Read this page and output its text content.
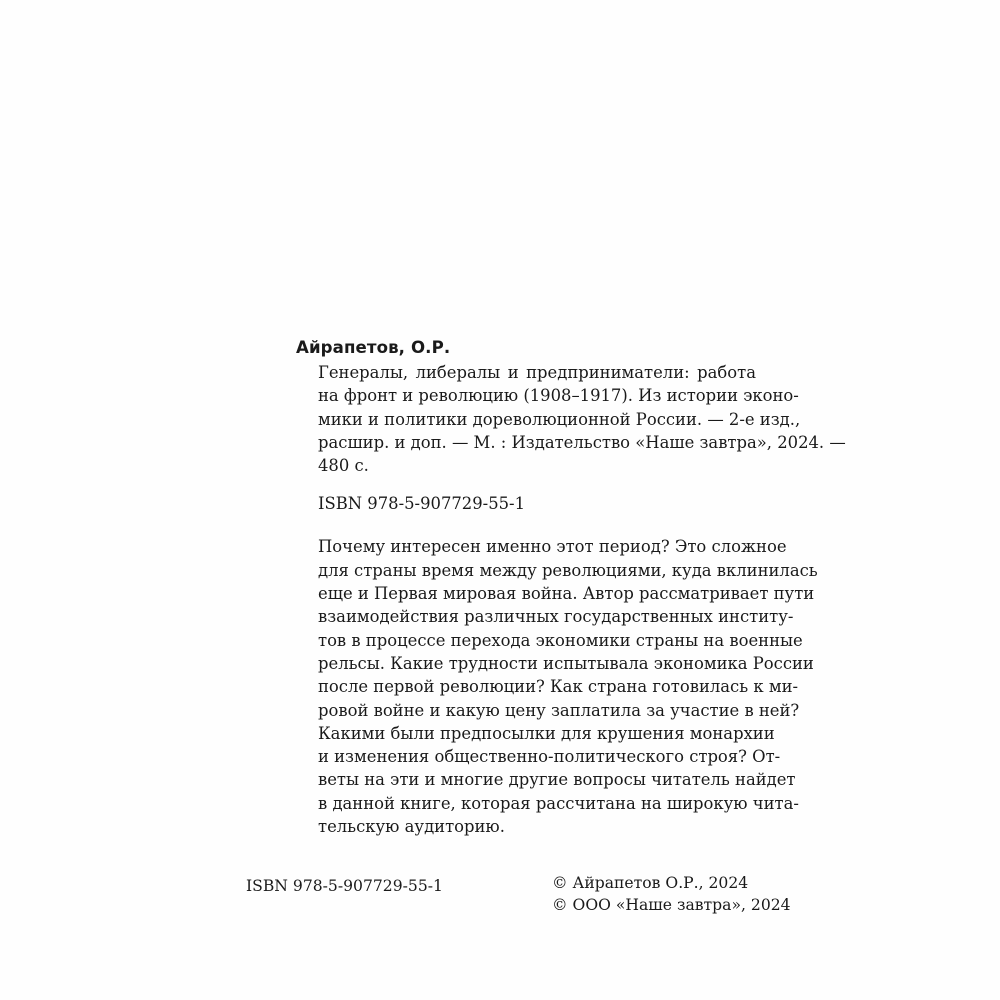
Айрапетов, О.Р.

Генералы, либералы и предприниматели: работа
на фронт и революцию (1908–1917). Из истории эконо-
мики и политики дореволюционной России. — 2-е изд.,
расшир. и доп. — М. : Издательство «Наше завтра», 2024. —
480 с.

ISBN 978-5-907729-55-1

Почему интересен именно этот период? Это сложное
для страны время между революциями, куда вклинилась
еще и Первая мировая война. Автор рассматривает пути
взаимодействия различных государственных институ-
тов в процессе перехода экономики страны на военные
рельсы. Какие трудности испытывала экономика России
после первой революции? Как страна готовилась к ми-
ровой войне и какую цену заплатила за участие в ней?
Какими были предпосылки для крушения монархии
и изменения общественно-политического строя? От-
веты на эти и многие другие вопросы читатель найдет
в данной книге, которая рассчитана на широкую чита-
тельскую аудиторию.
ISBN 978-5-907729-55-1	© Айрапетов О.Р., 2024
© ООО «Наше завтра», 2024
